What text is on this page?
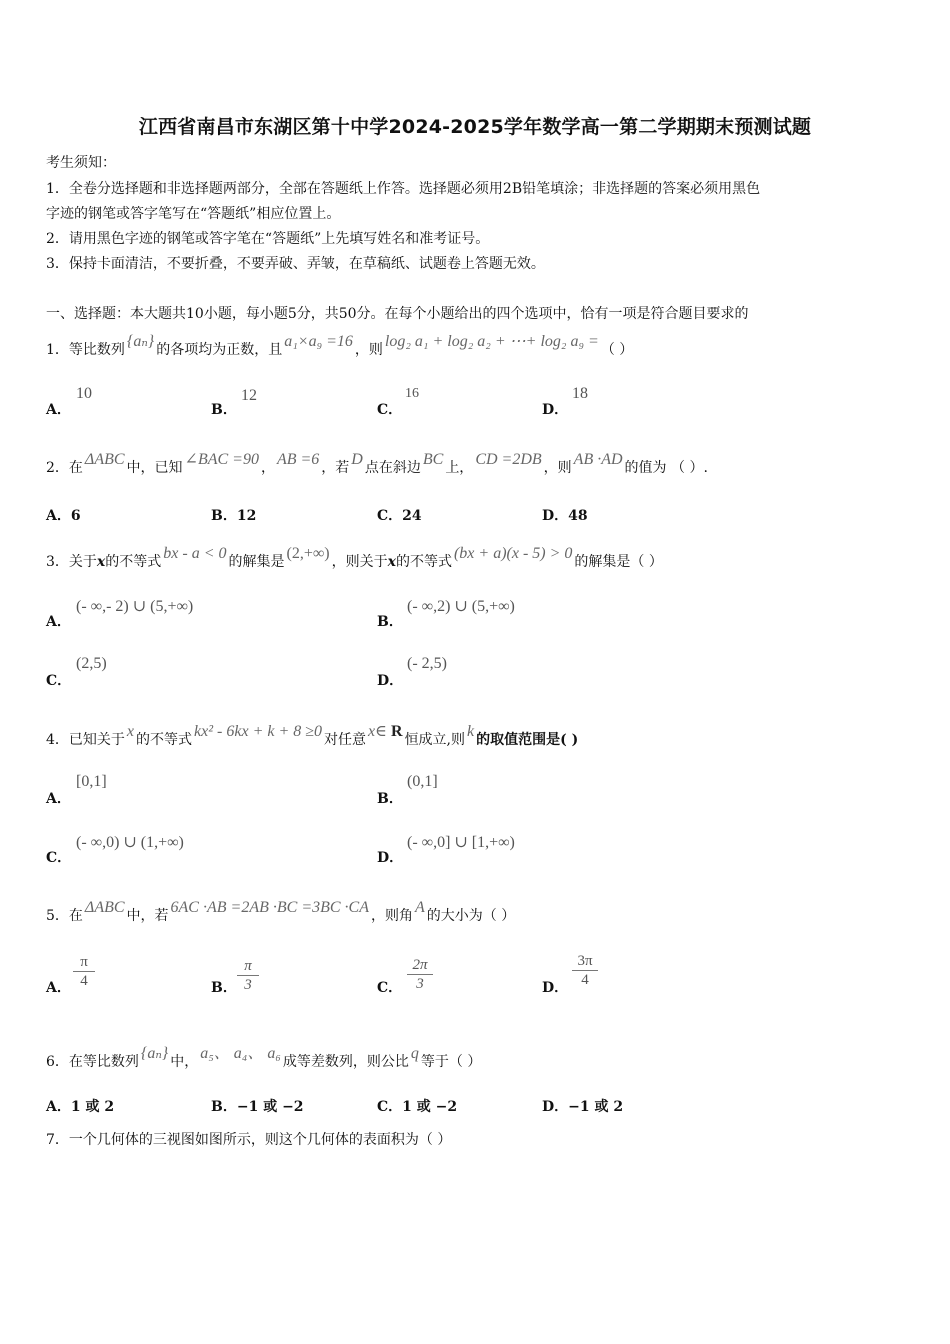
江西省南昌市东湖区第十中学2024-2025学年数学高一第二学期期末预测试题
考生须知：
1．全卷分选择题和非选择题两部分，全部在答题纸上作答。选择题必须用2B铅笔填涂；非选择题的答案必须用黑色
字迹的钢笔或答字笔写在“答题纸”相应位置上。
2．请用黑色字迹的钢笔或答字笔在“答题纸”上先填写姓名和准考证号。
3．保持卡面清洁，不要折叠，不要弄破、弄皱，在草稿纸、试题卷上答题无效。
一、选择题：本大题共10小题，每小题5分，共50分。在每个小题给出的四个选项中，恰有一项是符合题目要求的
1．等比数列 {aₙ} 的各项均为正数，且 a₁×a₉ =16 ，则 log₂ a₁ + log₂ a₂ + ⋯+ log₂ a₉ = （ ）
A．
10
B．
12
C．
16
D．
18
2．在 ΔABC 中，已知 ∠BAC =90 ， AB =6 ，若 D 点在斜边 BC 上， CD =2DB ，则 AB ·AD 的值为 （ ）.
A．6	B．12	C．24	D．48
3．关于x的不等式 bx - a < 0 的解集是 (2,+∞) ，则关于x的不等式 (bx + a)(x - 5) > 0 的解集是（ ）
A．
(- ∞,- 2) ∪ (5,+∞)
B．
(- ∞,2) ∪ (5,+∞)
C．
(2,5)
D．
(- 2,5)
4．已知关于 x 的不等式 kx² - 6kx + k + 8 ≥0 对任意 x∈ R 恒成立,则 k 的取值范围是( )
A．
[0,1]
B．
(0,1]
C．
(- ∞,0) ∪ (1,+∞)
D．
(- ∞,0] ∪ [1,+∞)
5．在 ΔABC 中，若 6AC ·AB =2AB ·BC =3BC ·CA ，则角 A 的大小为（ ）
A． $\frac{\pi}{4}$	B． $\frac{\pi}{3}$	C． $\frac{2\pi}{3}$	D． $\frac{3\pi}{4}$
6．在等比数列 {aₙ} 中， a₅、 a₄、 a₆ 成等差数列，则公比 q 等于（ ）
A．1 或 2	B．−1 或 −2	C．1 或 −2	D．−1 或 2
7．一个几何体的三视图如图所示，则这个几何体的表面积为（ ）
